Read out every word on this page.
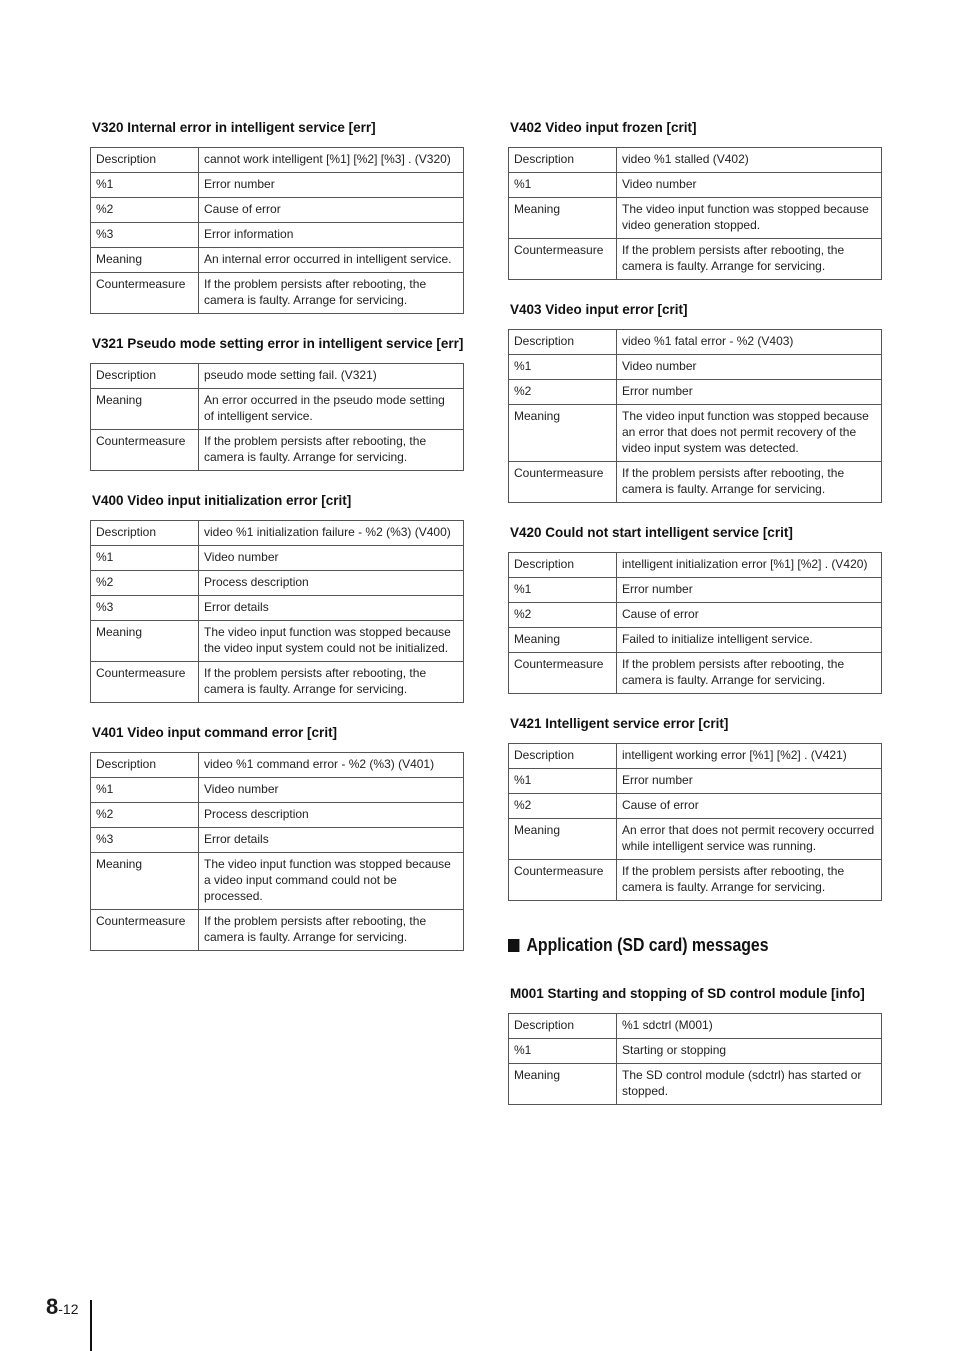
V320 Internal error in intelligent service [err]
Description	cannot work intelligent [%1] [%2] [%3] . (V320)
%1	Error number
%2	Cause of error
%3	Error information
Meaning	An internal error occurred in intelligent service.
Countermeasure	If the problem persists after rebooting, the camera is faulty. Arrange for servicing.
V321 Pseudo mode setting error in intelligent service [err]
Description	pseudo mode setting fail. (V321)
Meaning	An error occurred in the pseudo mode setting of intelligent service.
Countermeasure	If the problem persists after rebooting, the camera is faulty. Arrange for servicing.
V400 Video input initialization error [crit]
Description	video %1 initialization failure - %2 (%3) (V400)
%1	Video number
%2	Process description
%3	Error details
Meaning	The video input function was stopped because the video input system could not be initialized.
Countermeasure	If the problem persists after rebooting, the camera is faulty. Arrange for servicing.
V401 Video input command error [crit]
Description	video %1 command error - %2 (%3) (V401)
%1	Video number
%2	Process description
%3	Error details
Meaning	The video input function was stopped because a video input command could not be processed.
Countermeasure	If the problem persists after rebooting, the camera is faulty. Arrange for servicing.
V402 Video input frozen [crit]
Description	video %1 stalled (V402)
%1	Video number
Meaning	The video input function was stopped because video generation stopped.
Countermeasure	If the problem persists after rebooting, the camera is faulty. Arrange for servicing.
V403 Video input error [crit]
Description	video %1 fatal error - %2 (V403)
%1	Video number
%2	Error number
Meaning	The video input function was stopped because an error that does not permit recovery of the video input system was detected.
Countermeasure	If the problem persists after rebooting, the camera is faulty. Arrange for servicing.
V420 Could not start intelligent service [crit]
Description	intelligent initialization error [%1] [%2] . (V420)
%1	Error number
%2	Cause of error
Meaning	Failed to initialize intelligent service.
Countermeasure	If the problem persists after rebooting, the camera is faulty. Arrange for servicing.
V421 Intelligent service error [crit]
Description	intelligent working error [%1] [%2] . (V421)
%1	Error number
%2	Cause of error
Meaning	An error that does not permit recovery occurred while intelligent service was running.
Countermeasure	If the problem persists after rebooting, the camera is faulty. Arrange for servicing.
Application (SD card) messages
M001 Starting and stopping of SD control module [info]
Description	%1 sdctrl (M001)
%1	Starting or stopping
Meaning	The SD control module (sdctrl) has started or stopped.
8-12
